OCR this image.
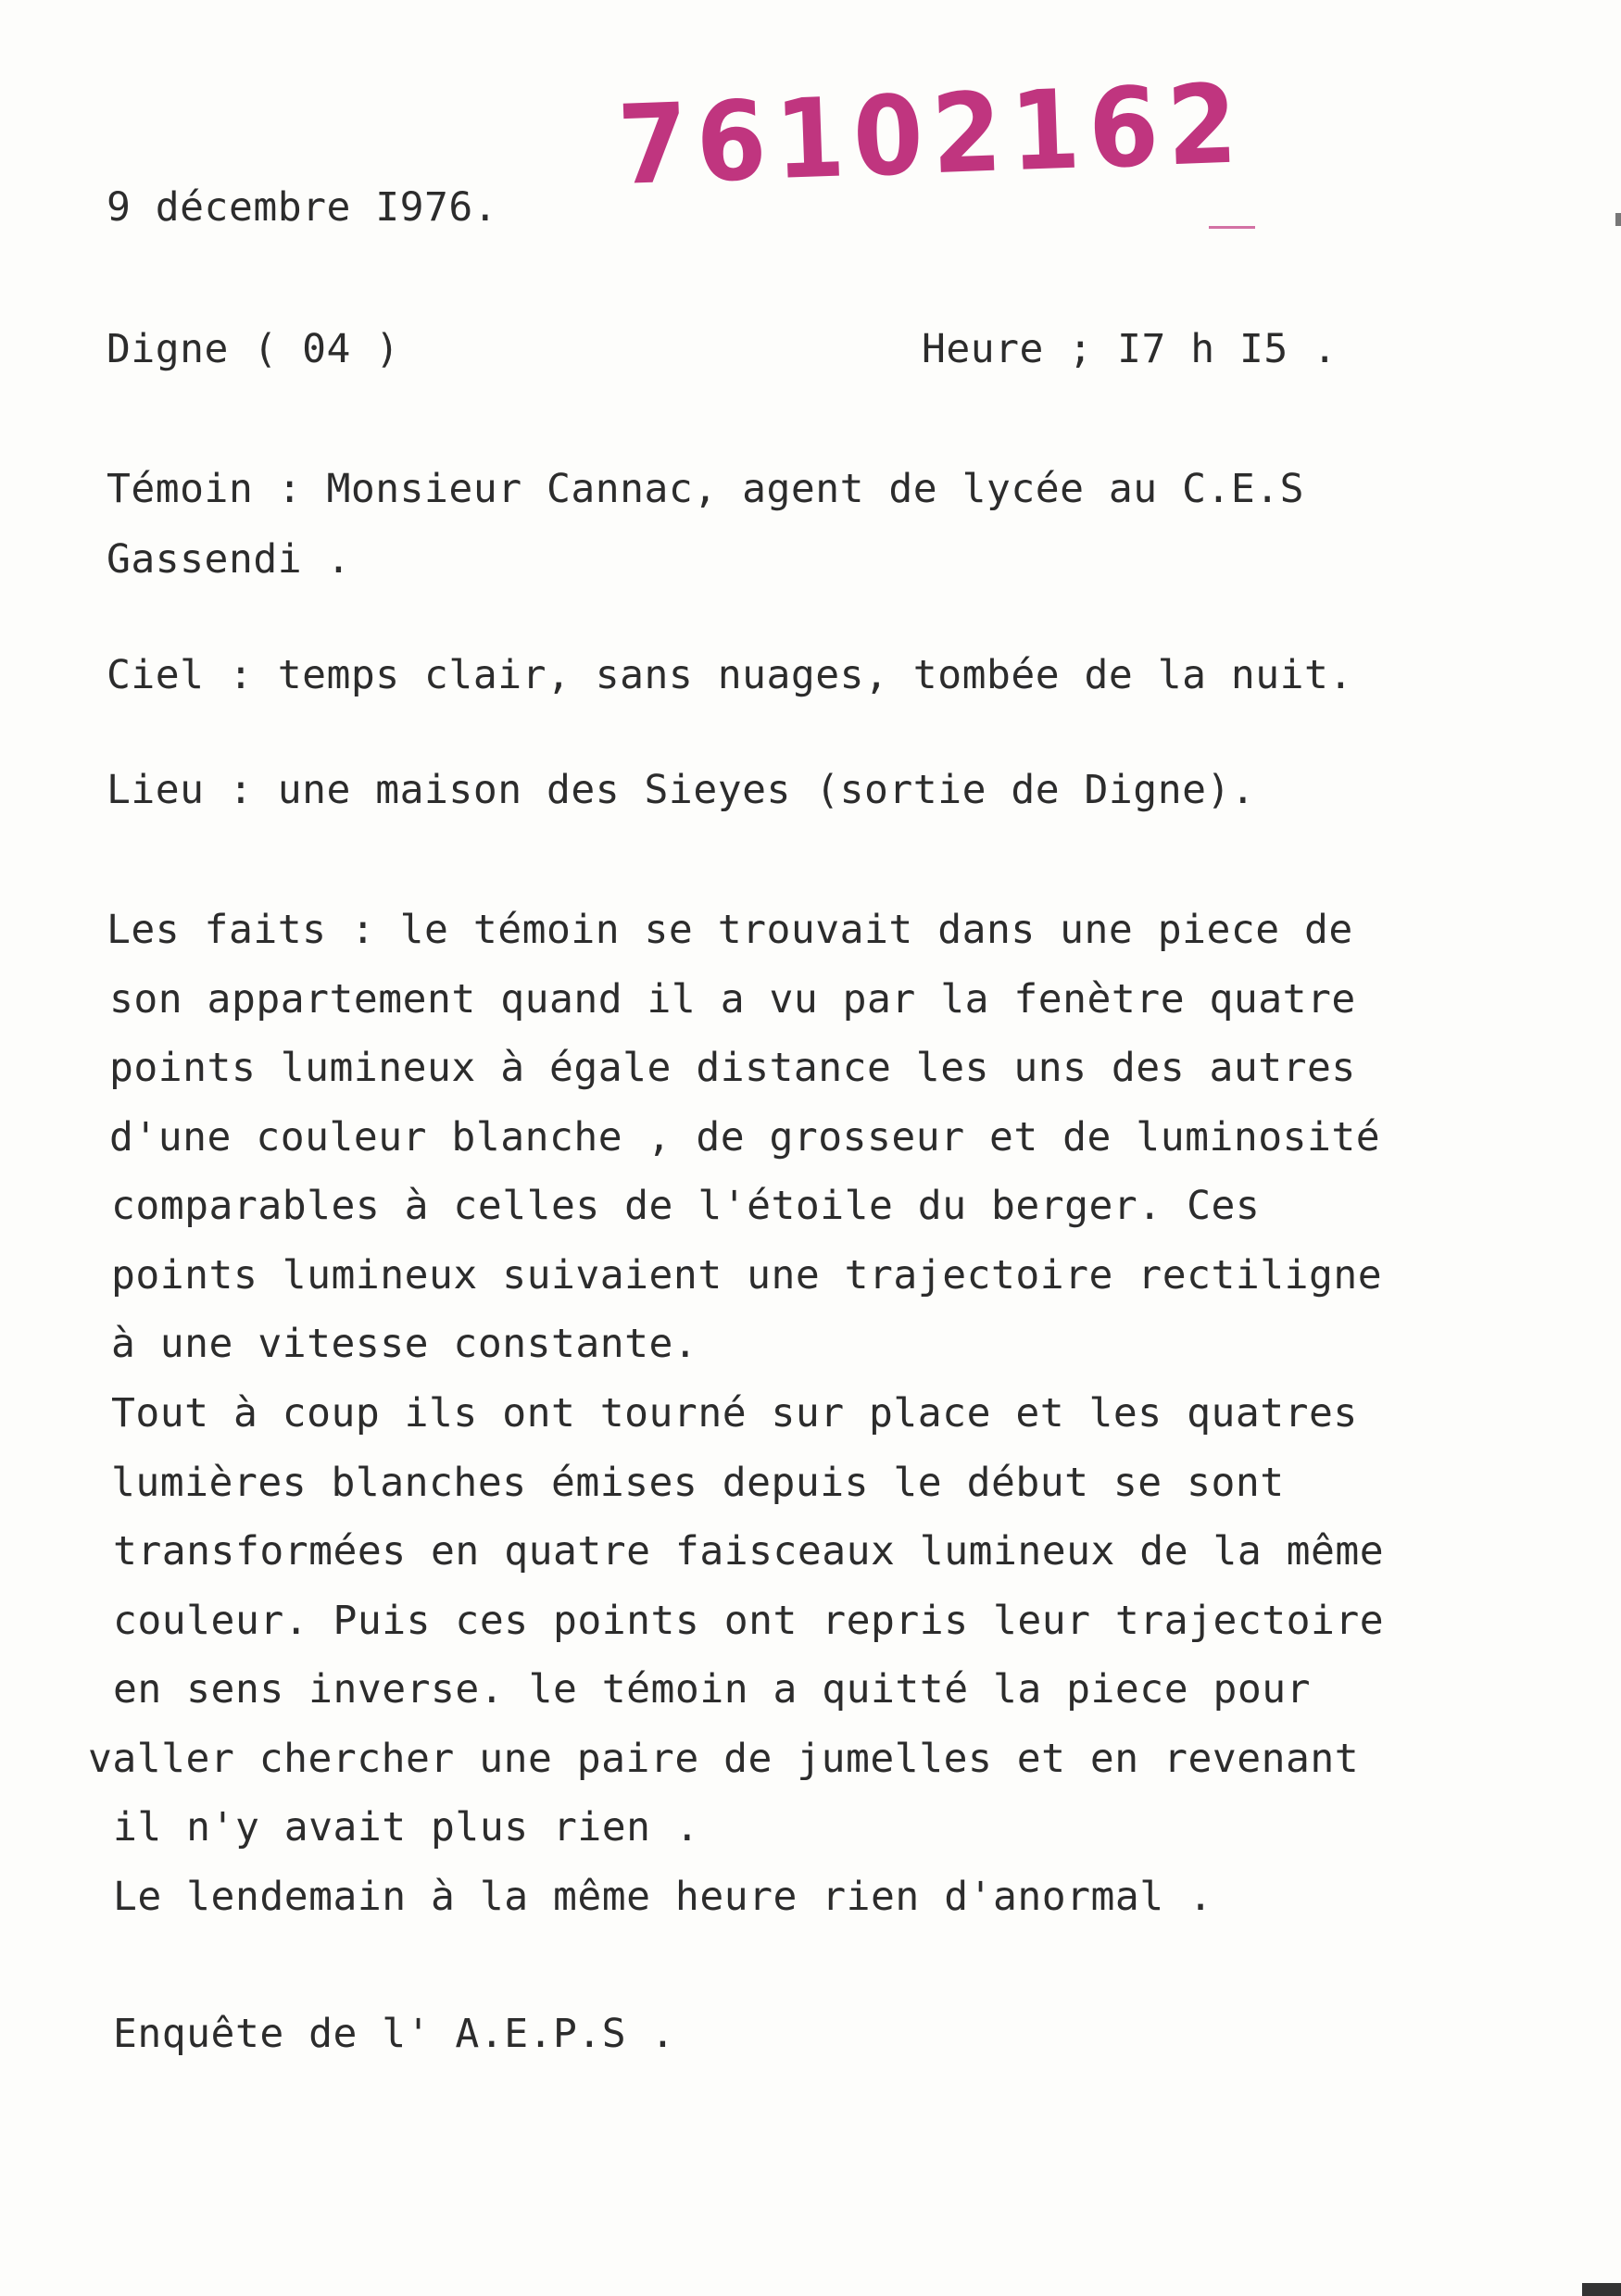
9 décembre I976. 76102162
Digne ( 04 )	Heure ; I7 h I5 .
Témoin : Monsieur Cannac, agent de lycée au C.E.S
Gassendi .
Ciel : temps clair, sans nuages, tombée de la nuit.
Lieu : une maison des Sieyes (sortie de Digne).
Les faits : le témoin se trouvait dans une piece de
son appartement quand il a vu par la fenètre quatre
points lumineux à égale distance les uns des autres
d'une couleur blanche , de grosseur et de luminosité
comparables à celles de l'étoile du berger. Ces
points lumineux suivaient une trajectoire rectiligne
à une vitesse constante.
Tout à coup ils ont tourné sur place et les quatres
lumières blanches émises depuis le début se sont
transformées en quatre faisceaux lumineux de la même
couleur. Puis ces points ont repris leur trajectoire
en sens inverse. le témoin a quitté la piece pour
valler chercher une paire de jumelles et en revenant
il n'y avait plus rien .
Le lendemain à la même heure rien d'anormal .
Enquête de l' A.E.P.S .
